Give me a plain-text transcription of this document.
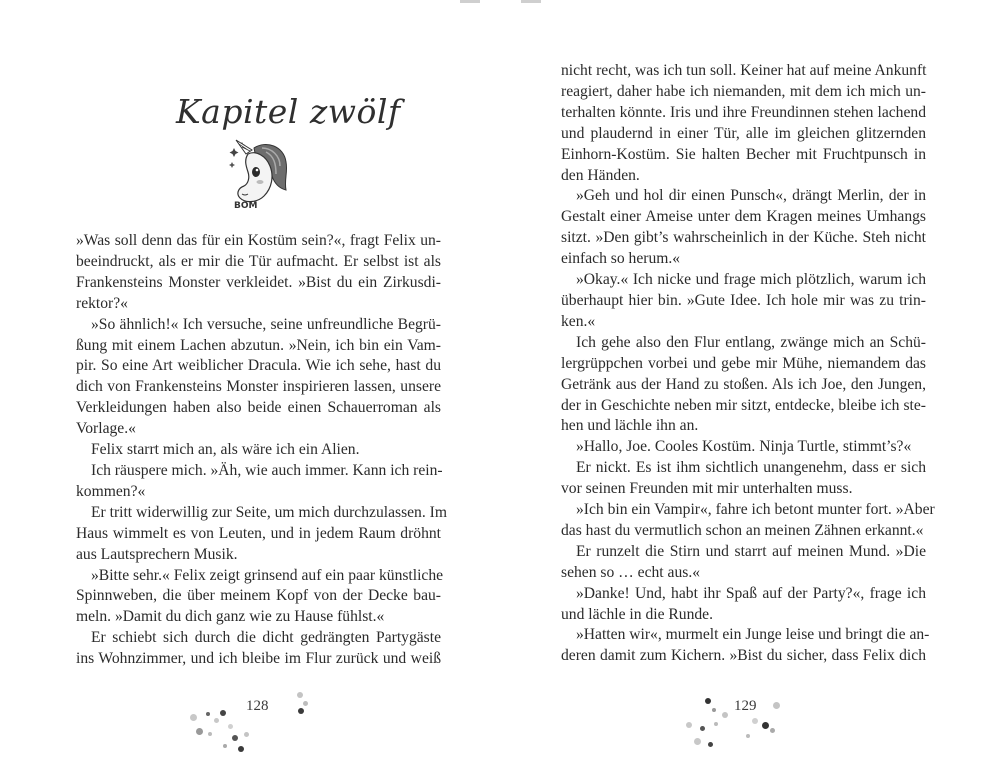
Kapitel zwölf
BOM
»Was soll denn das für ein Kostüm sein?«, fragt Felix un-
beeindruckt, als er mir die Tür aufmacht. Er selbst ist als
Frankensteins Monster verkleidet. »Bist du ein Zirkusdi-
rektor?«
»So ähnlich!« Ich versuche, seine unfreundliche Begrü-
ßung mit einem Lachen abzutun. »Nein, ich bin ein Vam-
pir. So eine Art weiblicher Dracula. Wie ich sehe, hast du
dich von Frankensteins Monster inspirieren lassen, unsere
Verkleidungen haben also beide einen Schauerroman als
Vorlage.«
Felix starrt mich an, als wäre ich ein Alien.
Ich räuspere mich. »Äh, wie auch immer. Kann ich rein-
kommen?«
Er tritt widerwillig zur Seite, um mich durchzulassen. Im
Haus wimmelt es von Leuten, und in jedem Raum dröhnt
aus Lautsprechern Musik.
»Bitte sehr.« Felix zeigt grinsend auf ein paar künstliche
Spinnweben, die über meinem Kopf von der Decke bau-
meln. »Damit du dich ganz wie zu Hause fühlst.«
Er schiebt sich durch die dicht gedrängten Partygäste
ins Wohnzimmer, und ich bleibe im Flur zurück und weiß
128
nicht recht, was ich tun soll. Keiner hat auf meine Ankunft
reagiert, daher habe ich niemanden, mit dem ich mich un-
terhalten könnte. Iris und ihre Freundinnen stehen lachend
und plaudernd in einer Tür, alle im gleichen glitzernden
Einhorn-Kostüm. Sie halten Becher mit Fruchtpunsch in
den Händen.
»Geh und hol dir einen Punsch«, drängt Merlin, der in
Gestalt einer Ameise unter dem Kragen meines Umhangs
sitzt. »Den gibt’s wahrscheinlich in der Küche. Steh nicht
einfach so herum.«
»Okay.« Ich nicke und frage mich plötzlich, warum ich
überhaupt hier bin. »Gute Idee. Ich hole mir was zu trin-
ken.«
Ich gehe also den Flur entlang, zwänge mich an Schü-
lergrüppchen vorbei und gebe mir Mühe, niemandem das
Getränk aus der Hand zu stoßen. Als ich Joe, den Jungen,
der in Geschichte neben mir sitzt, entdecke, bleibe ich ste-
hen und lächle ihn an.
»Hallo, Joe. Cooles Kostüm. Ninja Turtle, stimmt’s?«
Er nickt. Es ist ihm sichtlich unangenehm, dass er sich
vor seinen Freunden mit mir unterhalten muss.
»Ich bin ein Vampir«, fahre ich betont munter fort. »Aber
das hast du vermutlich schon an meinen Zähnen erkannt.«
Er runzelt die Stirn und starrt auf meinen Mund. »Die
sehen so … echt aus.«
»Danke! Und, habt ihr Spaß auf der Party?«, frage ich
und lächle in die Runde.
»Hatten wir«, murmelt ein Junge leise und bringt die an-
deren damit zum Kichern. »Bist du sicher, dass Felix dich
129
